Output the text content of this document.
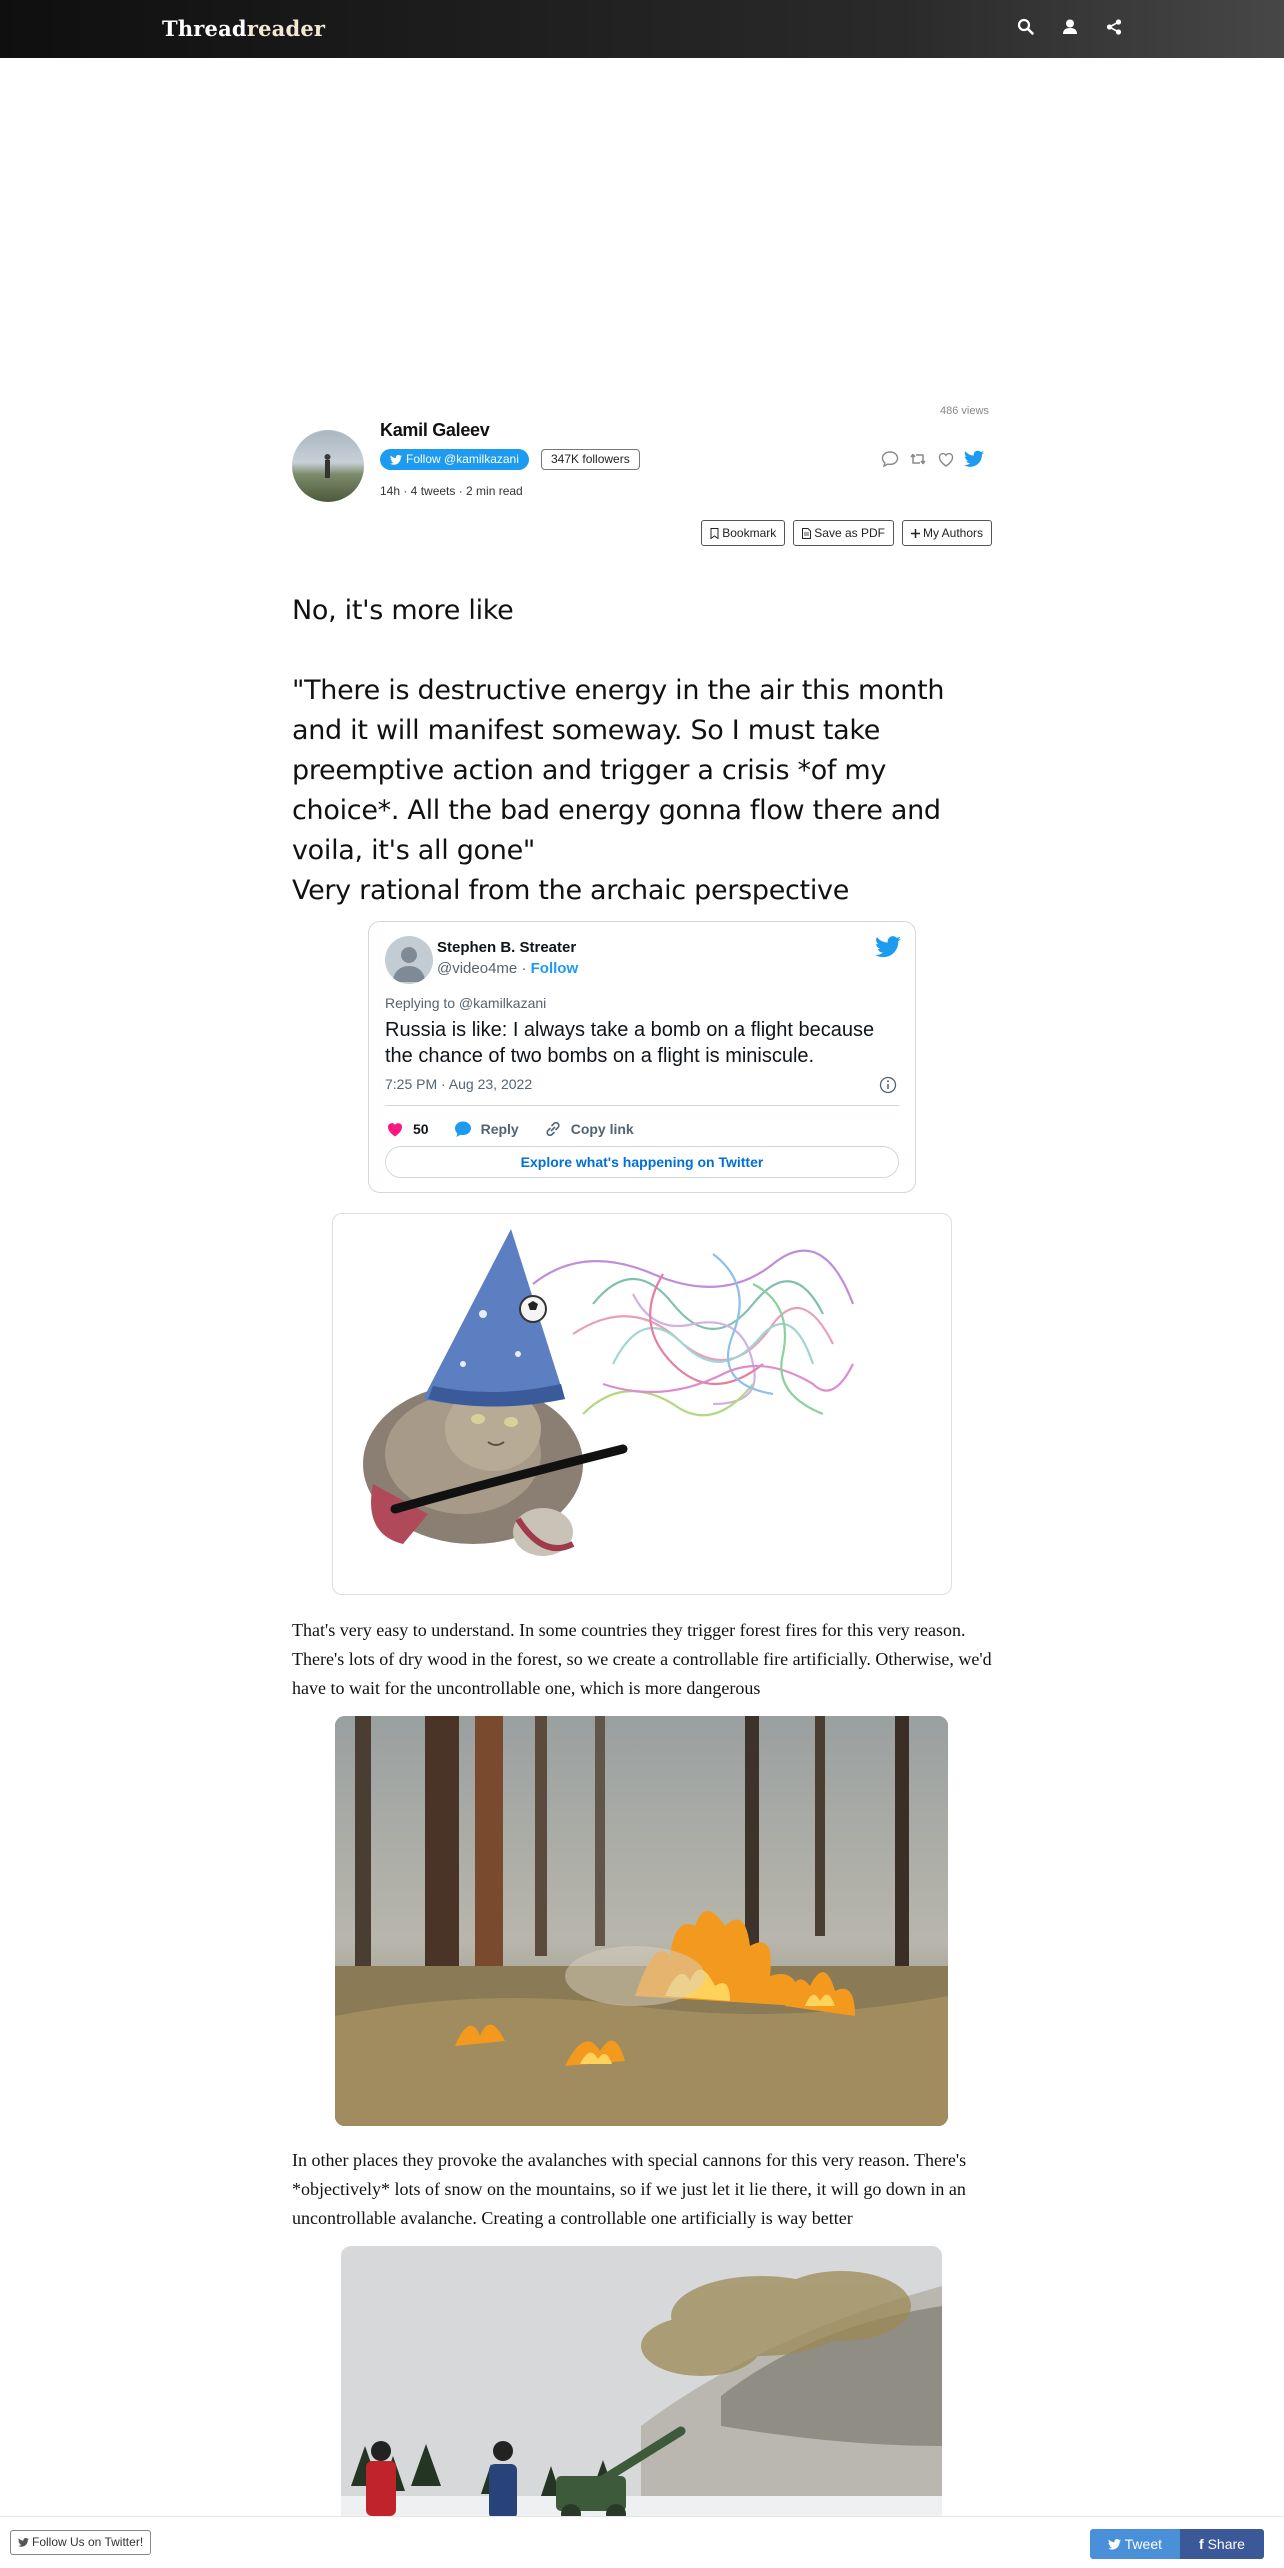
Threadreader
486 views
Kamil Galeev
Follow @kamilkazani	347K followers
14h · 4 tweets · 2 min read
Bookmark	Save as PDF	My Authors
No, it's more like
"There is destructive energy in the air this month and it will manifest someway. So I must take preemptive action and trigger a crisis *of my choice*. All the bad energy gonna flow there and voila, it's all gone"
Very rational from the archaic perspective
Stephen B. Streater
@video4me · Follow
Replying to @kamilkazani
Russia is like: I always take a bomb on a flight because the chance of two bombs on a flight is miniscule.
7:25 PM · Aug 23, 2022
50	Reply	Copy link
Explore what's happening on Twitter
That's very easy to understand. In some countries they trigger forest fires for this very reason. There's lots of dry wood in the forest, so we create a controllable fire artificially. Otherwise, we'd have to wait for the uncontrollable one, which is more dangerous
In other places they provoke the avalanches with special cannons for this very reason. There's *objectively* lots of snow on the mountains, so if we just let it lie there, it will go down in an uncontrollable avalanche. Creating a controllable one artificially is way better
Follow Us on Twitter!	Tweet	f Share
